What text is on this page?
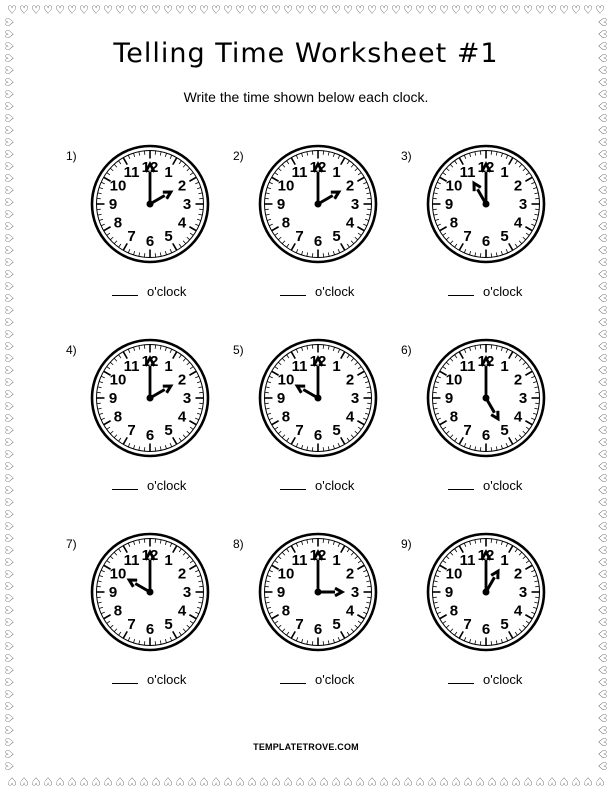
♡
♡
♡
♡
♡
♡
♡
♡
♡
♡
♡
♡
♡
♡
♡
♡
♡
♡
♡
♡
♡
♡
♡
♡
♡
♡
♡
♡
♡
♡
♡
♡
♡
♡
♡
♡
♡
♡
♡
♡
♡
♡
♡
♡
♡
♡
♡
♡
♡
♡
♡
♡
♡
♡
♡
♡
♡
♡
♡
♡
♡
♡
♡
♡
♡
♡
♡
♡
♡
♡
♡
♡
♡
♡
♡
♡
♡
♡
♡
♡
♡
♡
♡
♡
♡
♡
♡
♡
♡
♡
♡
♡
♡
♡
♡
♡
♡
♡
♡
♡
♡	♡
♡	♡
♡	♡
♡	♡
♡	♡
♡	♡
♡	♡
♡	♡
♡	♡
♡	♡
♡	♡
♡	♡
♡	♡
♡	♡
♡	♡
♡	♡
♡	♡
♡	♡
♡	♡
♡	♡
♡	♡
♡	♡
♡	♡
♡	♡
♡	♡
♡	♡
♡	♡
♡	♡
♡	♡
♡	♡
♡	♡
♡	♡
♡	♡
♡	♡
♡	♡
♡	♡
♡	♡
♡	♡
♡	♡
♡	♡
♡	♡
♡	♡
♡	♡
♡	♡
♡	♡
♡	♡
♡	♡
♡	♡
♡	♡
♡	♡
♡	♡
♡	♡
♡	♡
♡	♡
♡	♡
♡	♡
♡	♡
♡	♡
♡	♡
♡	♡
♡	♡
♡	♡
♡	♡
Telling Time Worksheet #1
Write the time shown below each clock.
1)
12 1
2
3
4
5
6
7
8
9
10
11
o'clock
2)
12 1
2
3
4
5
6
7
8
9
10
11
o'clock
3)
12 1
2
3
4
5
6
7
8
9
10
11
o'clock
4)
12 1
2
3
4
5
6
7
8
9
10
11
o'clock
5)
12 1
2
3
4
5
6
7
8
9
10
11
o'clock
6)
12 1
2
3
4
5
6
7
8
9
10
11
o'clock
7)
12 1
2
3
4
5
6
7
8
9
10
11
o'clock
8)
12 1
2
3
4
5
6
7
8
9
10
11
o'clock
9)
12 1
2
3
4
5
6
7
8
9
10
11
o'clock
TEMPLATETROVE.COM
